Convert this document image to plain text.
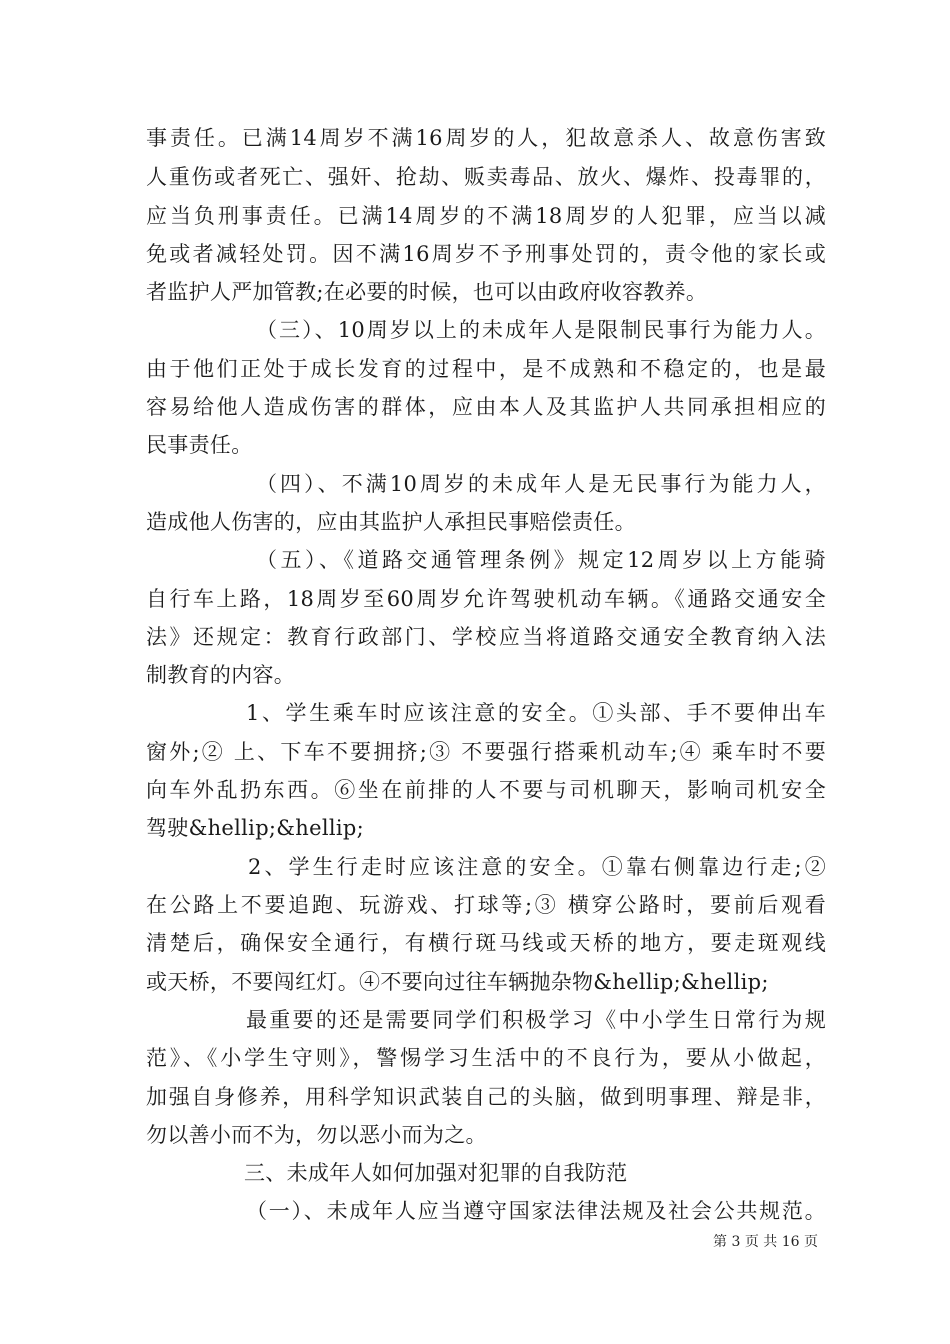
事责任。已满14周岁不满16周岁的人，犯故意杀人、故意伤害致
人重伤或者死亡、强奸、抢劫、贩卖毒品、放火、爆炸、投毒罪的，
应当负刑事责任。已满14周岁的不满18周岁的人犯罪，应当以减
免或者减轻处罚。因不满16周岁不予刑事处罚的，责令他的家长或
者监护人严加管教;在必要的时候，也可以由政府收容教养。
（三）、10周岁以上的未成年人是限制民事行为能力人。
由于他们正处于成长发育的过程中，是不成熟和不稳定的，也是最
容易给他人造成伤害的群体，应由本人及其监护人共同承担相应的
民事责任。
（四）、不满10周岁的未成年人是无民事行为能力人，
造成他人伤害的，应由其监护人承担民事赔偿责任。
（五）、《道路交通管理条例》规定12周岁以上方能骑
自行车上路，18周岁至60周岁允许驾驶机动车辆。《通路交通安全
法》还规定：教育行政部门、学校应当将道路交通安全教育纳入法
制教育的内容。
1、学生乘车时应该注意的安全。①头部、手不要伸出车
窗外;② 上、下车不要拥挤;③ 不要强行搭乘机动车;④ 乘车时不要
向车外乱扔东西。⑥坐在前排的人不要与司机聊天，影响司机安全
驾驶&hellip;&hellip;
2、学生行走时应该注意的安全。①靠右侧靠边行走;②
在公路上不要追跑、玩游戏、打球等;③ 横穿公路时，要前后观看
清楚后，确保安全通行，有横行斑马线或天桥的地方，要走斑观线
或天桥，不要闯红灯。④不要向过往车辆抛杂物&hellip;&hellip;
最重要的还是需要同学们积极学习《中小学生日常行为规
范》、《小学生守则》，警惕学习生活中的不良行为，要从小做起，
加强自身修养，用科学知识武装自己的头脑，做到明事理、辩是非，
勿以善小而不为，勿以恶小而为之。
三、未成年人如何加强对犯罪的自我防范
（一）、未成年人应当遵守国家法律法规及社会公共规范。
第 3 页 共 16 页
